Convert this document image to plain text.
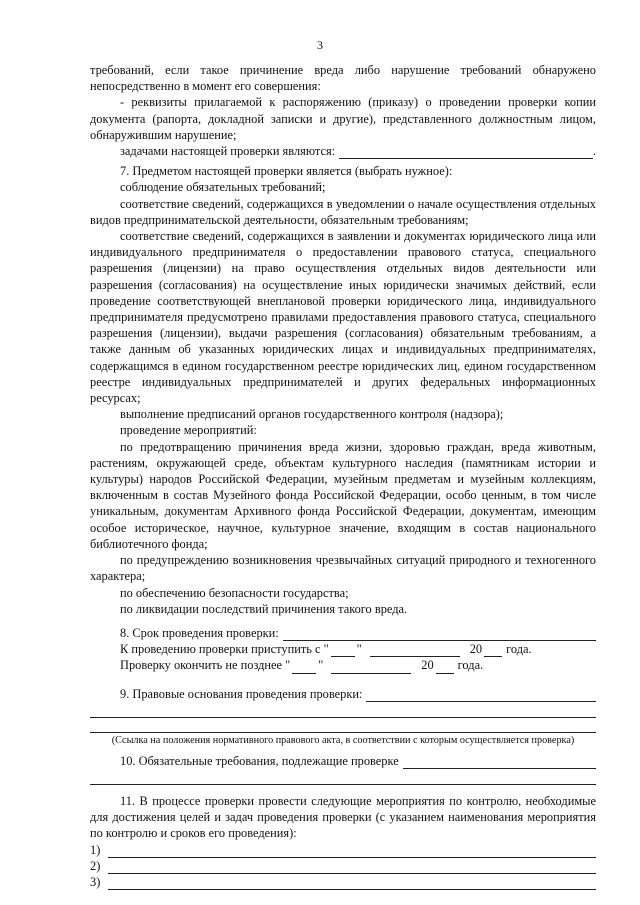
3

требований, если такое причинение вреда либо нарушение требований обнаружено непосредственно в момент его совершения:

- реквизиты прилагаемой к распоряжению (приказу) о проведении проверки копии документа (рапорта, докладной записки и другие), представленного должностным лицом, обнаружившим нарушение;

задачами настоящей проверки являются:	.

7. Предметом настоящей проверки является (выбрать нужное):

соблюдение обязательных требований;

соответствие сведений, содержащихся в уведомлении о начале осуществления отдельных видов предпринимательской деятельности, обязательным требованиям;

соответствие сведений, содержащихся в заявлении и документах юридического лица или индивидуального предпринимателя о предоставлении правового статуса, специального разрешения (лицензии) на право осуществления отдельных видов деятельности или разрешения (согласования) на осуществление иных юридически значимых действий, если проведение соответствующей внеплановой проверки юридического лица, индивидуального предпринимателя предусмотрено правилами предоставления правового статуса, специального разрешения (лицензии), выдачи разрешения (согласования) обязательным требованиям, а также данным об указанных юридических лицах и индивидуальных предпринимателях, содержащимся в едином государственном реестре юридических лиц, едином государственном реестре индивидуальных предпринимателей и других федеральных информационных ресурсах;

выполнение предписаний органов государственного контроля (надзора);

проведение мероприятий:

по предотвращению причинения вреда жизни, здоровью граждан, вреда животным, растениям, окружающей среде, объектам культурного наследия (памятникам истории и культуры) народов Российской Федерации, музейным предметам и музейным коллекциям, включенным в состав Музейного фонда Российской Федерации, особо ценным, в том числе уникальным, документам Архивного фонда Российской Федерации, документам, имеющим особое историческое, научное, культурное значение, входящим в состав национального библиотечного фонда;

по предупреждению возникновения чрезвычайных ситуаций природного и техногенного характера;

по обеспечению безопасности государства;

по ликвидации последствий причинения такого вреда.

8. Срок проведения проверки:
К проведению проверки приступить с " "	20 года.
Проверку окончить не позднее " "	20 года.
9. Правовые основания проведения проверки:
(Ссылка на положения нормативного правового акта, в соответствии с которым осуществляется проверка)
10. Обязательные требования, подлежащие проверке

11. В процессе проверки провести следующие мероприятия по контролю, необходимые для достижения целей и задач проведения проверки (с указанием наименования мероприятия по контролю и сроков его проведения):

1)
2)
3)
